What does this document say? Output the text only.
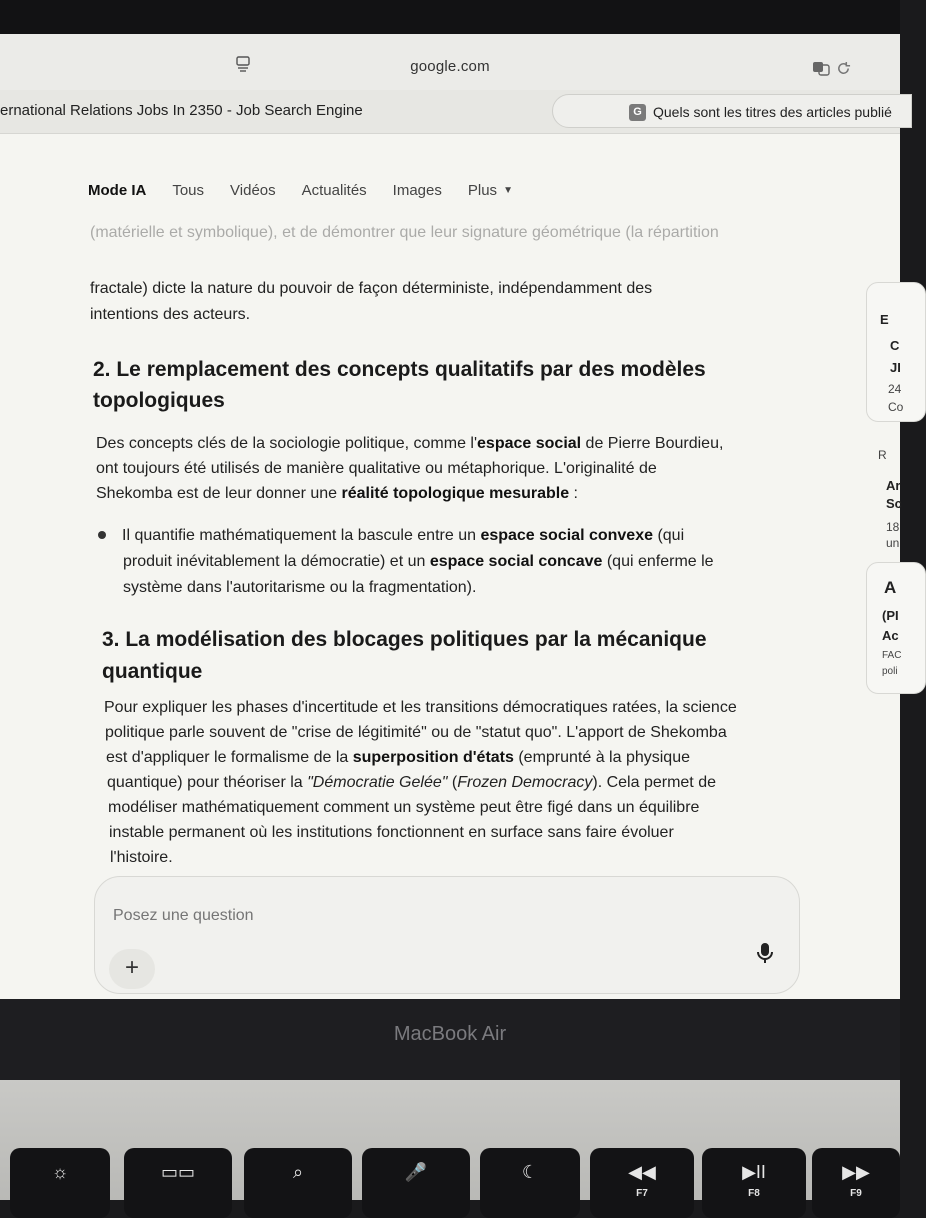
google.com
ernational Relations Jobs In 2350 - Job Search Engine	G Quels sont les titres des articles publié
Mode IA Tous Vidéos Actualités Images Plus ▼
(matérielle et symbolique), et de démontrer que leur signature géométrique (la répartition
fractale) dicte la nature du pouvoir de façon déterministe, indépendamment des
intentions des acteurs.
2. Le remplacement des concepts qualitatifs par des modèles
topologiques
Des concepts clés de la sociologie politique, comme l'espace social de Pierre Bourdieu,
ont toujours été utilisés de manière qualitative ou métaphorique. L'originalité de
Shekomba est de leur donner une réalité topologique mesurable :
Il quantifie mathématiquement la bascule entre un espace social convexe (qui
produit inévitablement la démocratie) et un espace social concave (qui enferme le
système dans l'autoritarisme ou la fragmentation).
3. La modélisation des blocages politiques par la mécanique
quantique
Pour expliquer les phases d'incertitude et les transitions démocratiques ratées, la science
politique parle souvent de "crise de légitimité" ou de "statut quo". L'apport de Shekomba
est d'appliquer le formalisme de la superposition d'états (emprunté à la physique
quantique) pour théoriser la "Démocratie Gelée" (Frozen Democracy). Cela permet de
modéliser mathématiquement comment un système peut être figé dans un équilibre
instable permanent où les institutions fonctionnent en surface sans faire évoluer
l'histoire.
E
C
JI
24
Co
R
Ar
Sc
18
un
A
(PI
Ac
FAC
poli
Posez une question
+
MacBook Air
☼	▭▭	⌕	🎤	☾	◀◀
F7
▶II
F8
▶▶
F9
